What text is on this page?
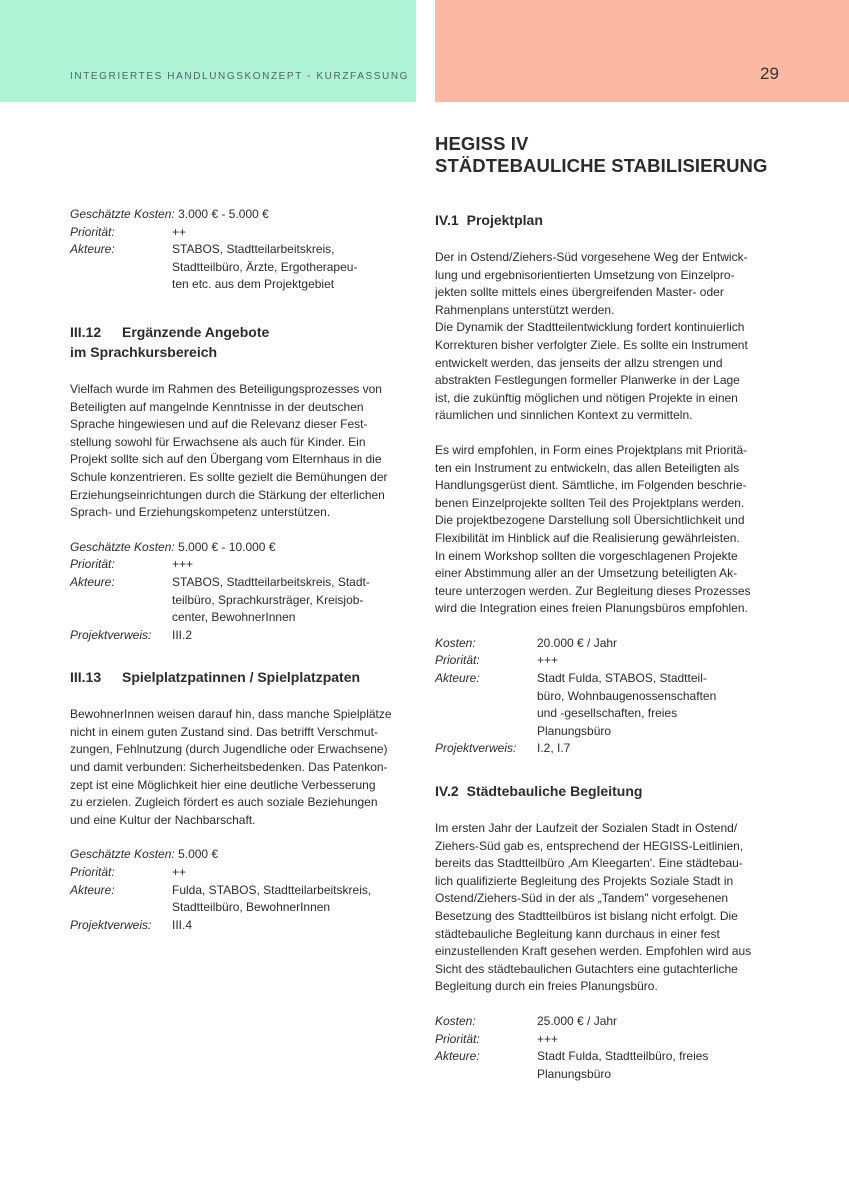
INTEGRIERTES HANDLUNGSKONZEPT - KURZFASSUNG	29
Geschätzte Kosten: 3.000 € - 5.000 €
Priorität:	++
Akteure:	STABOS, Stadtteilarbeitskreis,
Stadtteilbüro, Ärzte, Ergotherapeu-
ten etc. aus dem Projektgebiet
III.12 Ergänzende Angebote
im Sprachkursbereich
Vielfach wurde im Rahmen des Beteiligungsprozesses von
Beteiligten auf mangelnde Kenntnisse in der deutschen
Sprache hingewiesen und auf die Relevanz dieser Fest-
stellung sowohl für Erwachsene als auch für Kinder. Ein
Projekt sollte sich auf den Übergang vom Elternhaus in die
Schule konzentrieren. Es sollte gezielt die Bemühungen der
Erziehungseinrichtungen durch die Stärkung der elterlichen
Sprach- und Erziehungskompetenz unterstützen.
Geschätzte Kosten: 5.000 € - 10.000 €
Priorität:	+++
Akteure:	STABOS, Stadtteilarbeitskreis, Stadt-
teilbüro, Sprachkursträger, Kreisjob-
center, BewohnerInnen
Projektverweis:	III.2
III.13 Spielplatzpatinnen / Spielplatzpaten
BewohnerInnen weisen darauf hin, dass manche Spielplätze
nicht in einem guten Zustand sind. Das betrifft Verschmut-
zungen, Fehlnutzung (durch Jugendliche oder Erwachsene)
und damit verbunden: Sicherheitsbedenken. Das Patenkon-
zept ist eine Möglichkeit hier eine deutliche Verbesserung
zu erzielen. Zugleich fördert es auch soziale Beziehungen
und eine Kultur der Nachbarschaft.
Geschätzte Kosten: 5.000 €
Priorität:	++
Akteure:	Fulda, STABOS, Stadtteilarbeitskreis,
Stadtteilbüro, BewohnerInnen
Projektverweis:	III.4
HEGISS IV
STÄDTEBAULICHE STABILISIERUNG
IV.1 Projektplan
Der in Ostend/Ziehers-Süd vorgesehene Weg der Entwick-
lung und ergebnisorientierten Umsetzung von Einzelpro-
jekten sollte mittels eines übergreifenden Master- oder
Rahmenplans unterstützt werden.
Die Dynamik der Stadtteilentwicklung fordert kontinuierlich
Korrekturen bisher verfolgter Ziele. Es sollte ein Instrument
entwickelt werden, das jenseits der allzu strengen und
abstrakten Festlegungen formeller Planwerke in der Lage
ist, die zukünftig möglichen und nötigen Projekte in einen
räumlichen und sinnlichen Kontext zu vermitteln.
Es wird empfohlen, in Form eines Projektplans mit Prioritä-
ten ein Instrument zu entwickeln, das allen Beteiligten als
Handlungsgerüst dient. Sämtliche, im Folgenden beschrie-
benen Einzelprojekte sollten Teil des Projektplans werden.
Die projektbezogene Darstellung soll Übersichtlichkeit und
Flexibilität im Hinblick auf die Realisierung gewährleisten.
In einem Workshop sollten die vorgeschlagenen Projekte
einer Abstimmung aller an der Umsetzung beteiligten Ak-
teure unterzogen werden. Zur Begleitung dieses Prozesses
wird die Integration eines freien Planungsbüros empfohlen.
Kosten:	20.000 € / Jahr
Priorität:	+++
Akteure:	Stadt Fulda, STABOS, Stadtteil-
büro, Wohnbaugenossenschaften
und -gesellschaften, freies
Planungsbüro
Projektverweis:	I.2, I.7
IV.2 Städtebauliche Begleitung
Im ersten Jahr der Laufzeit der Sozialen Stadt in Ostend/
Ziehers-Süd gab es, entsprechend der HEGISS-Leitlinien,
bereits das Stadtteilbüro ‚Am Kleegarten'. Eine städtebau-
lich qualifizierte Begleitung des Projekts Soziale Stadt in
Ostend/Ziehers-Süd in der als „Tandem" vorgesehenen
Besetzung des Stadtteilbüros ist bislang nicht erfolgt. Die
städtebauliche Begleitung kann durchaus in einer fest
einzustellenden Kraft gesehen werden. Empfohlen wird aus
Sicht des städtebaulichen Gutachters eine gutachterliche
Begleitung durch ein freies Planungsbüro.
Kosten:	25.000 € / Jahr
Priorität:	+++
Akteure:	Stadt Fulda, Stadtteilbüro, freies
Planungsbüro
